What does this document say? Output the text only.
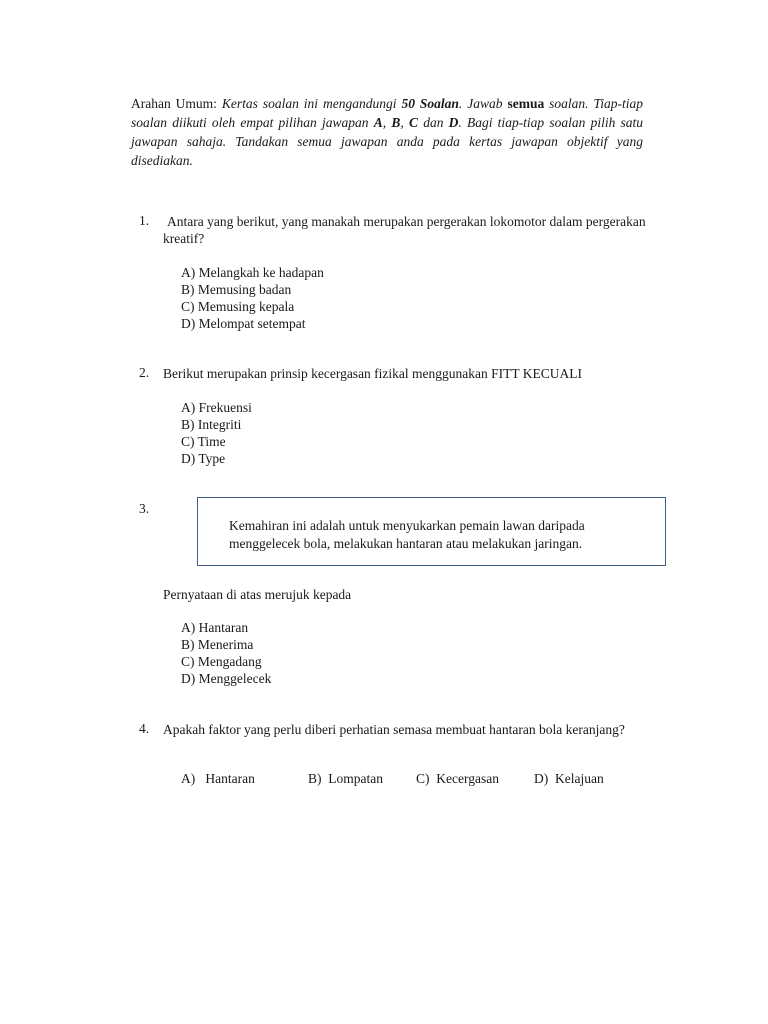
Arahan Umum: Kertas soalan ini mengandungi 50 Soalan. Jawab semua soalan. Tiap-tiap soalan diikuti oleh empat pilihan jawapan A, B, C dan D. Bagi tiap-tiap soalan pilih satu jawapan sahaja. Tandakan semua jawapan anda pada kertas jawapan objektif yang disediakan.
1. Antara yang berikut, yang manakah merupakan pergerakan lokomotor dalam pergerakan kreatif?
A) Melangkah ke hadapan
B) Memusing badan
C) Memusing kepala
D) Melompat setempat
2. Berikut merupakan prinsip kecergasan fizikal menggunakan FITT KECUALI
A) Frekuensi
B) Integriti
C) Time
D) Type
3.
Kemahiran ini adalah untuk menyukarkan pemain lawan daripada menggelecek bola, melakukan hantaran atau melakukan jaringan.
Pernyataan di atas merujuk kepada
A) Hantaran
B) Menerima
C) Mengadang
D) Menggelecek
4. Apakah faktor yang perlu diberi perhatian semasa membuat hantaran bola keranjang?
A)   Hantaran	B)  Lompatan C)  Kecergasan	D)  Kelajuan
